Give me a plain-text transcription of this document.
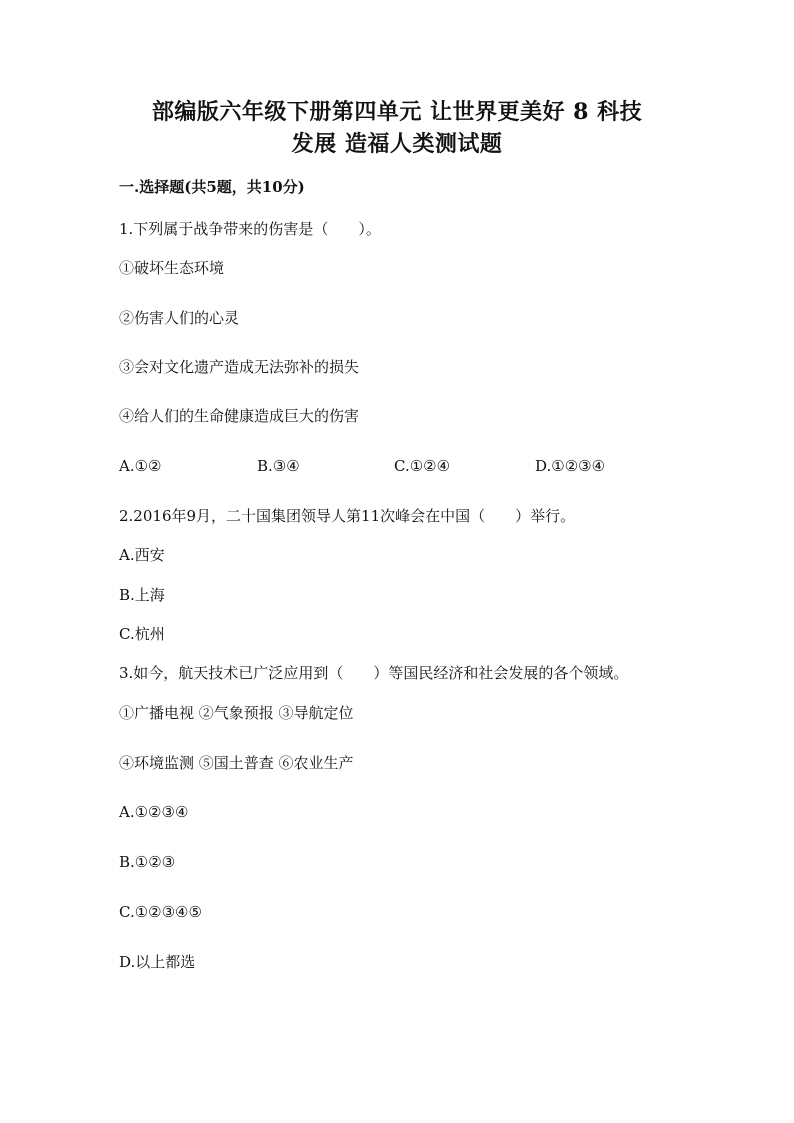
部编版六年级下册第四单元 让世界更美好 8 科技
发展 造福人类测试题
一.选择题(共5题，共10分)
1.下列属于战争带来的伤害是（　　）。
①破坏生态环境
②伤害人们的心灵
③会对文化遗产造成无法弥补的损失
④给人们的生命健康造成巨大的伤害
A.①②	B.③④	C.①②④	D.①②③④
2.2016年9月，二十国集团领导人第11次峰会在中国（　　）举行。
A.西安
B.上海
C.杭州
3.如今，航天技术已广泛应用到（　　）等国民经济和社会发展的各个领域。
①广播电视 ②气象预报 ③导航定位
④环境监测 ⑤国土普查 ⑥农业生产
A.①②③④
B.①②③
C.①②③④⑤
D.以上都选
